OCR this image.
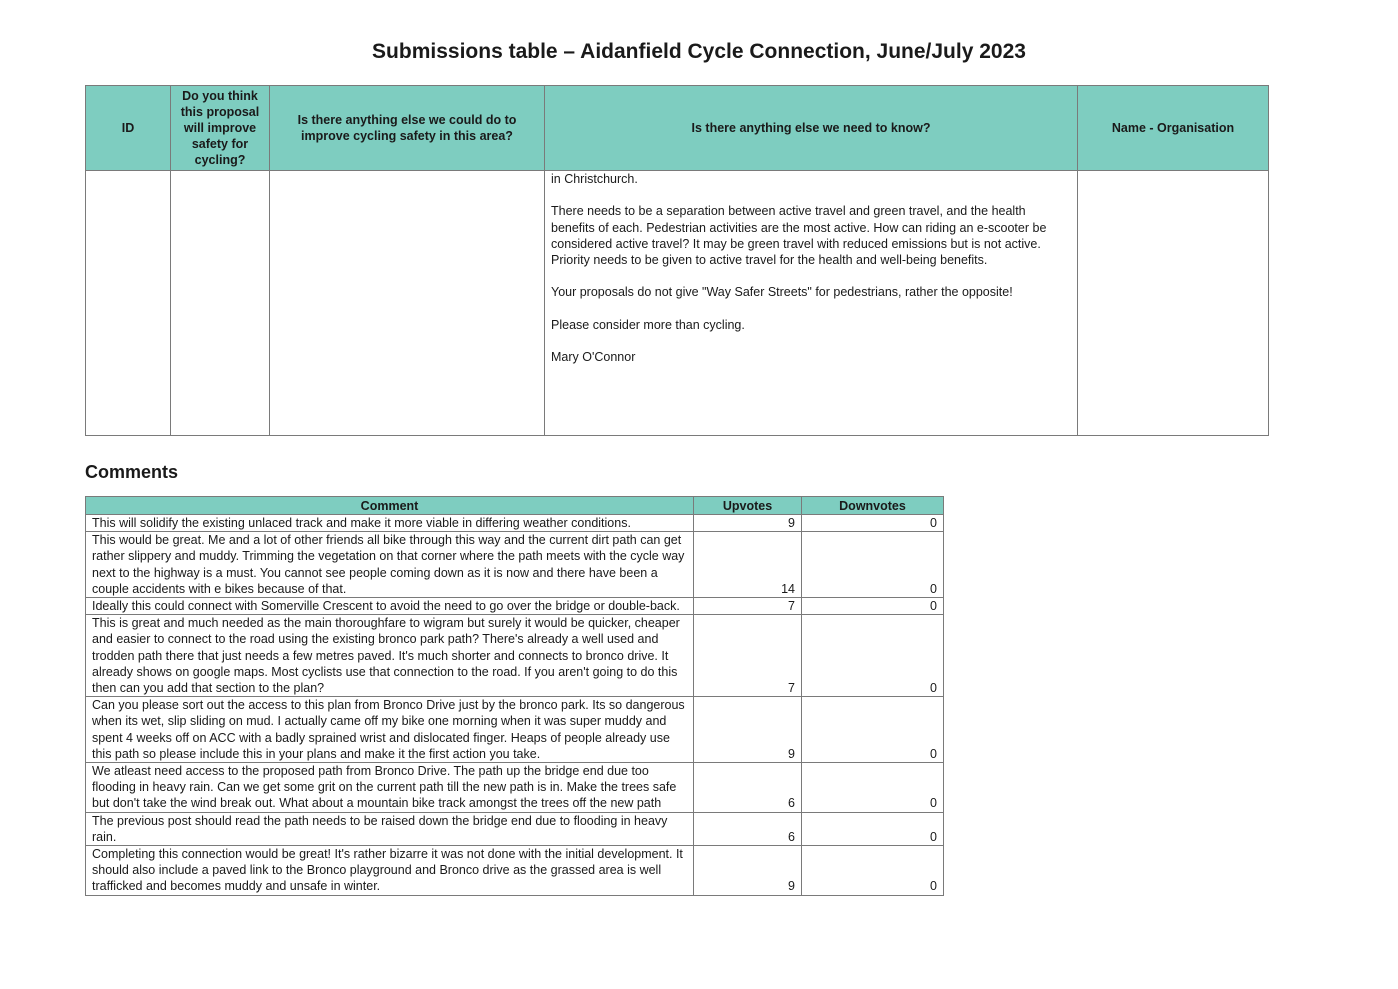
Submissions table – Aidanfield Cycle Connection, June/July 2023
ID	Do you think this proposal will improve safety for cycling?	Is there anything else we could do to improve cycling safety in this area?	Is there anything else we need to know?	Name - Organisation

			in Christchurch.

There needs to be a separation between active travel and green travel, and the health benefits of each. Pedestrian activities are the most active. How can riding an e-scooter be considered active travel? It may be green travel with reduced emissions but is not active. Priority needs to be given to active travel for the health and well-being benefits.

Your proposals do not give "Way Safer Streets" for pedestrians, rather the opposite!

Please consider more than cycling.

Mary O'Connor	

Comments
Comment	Upvotes	Downvotes
This will solidify the existing unlaced track and make it more viable in differing weather conditions.	9	0
This would be great. Me and a lot of other friends all bike through this way and the current dirt path can get rather slippery and muddy. Trimming the vegetation on that corner where the path meets with the cycle way next to the highway is a must. You cannot see people coming down as it is now and there have been a couple accidents with e bikes because of that.	14	0
Ideally this could connect with Somerville Crescent to avoid the need to go over the bridge or double-back.	7	0
This is great and much needed as the main thoroughfare to wigram but surely it would be quicker, cheaper and easier to connect to the road using the existing bronco park path? There's already a well used and trodden path there that just needs a few metres paved. It's much shorter and connects to bronco drive. It already shows on google maps. Most cyclists use that connection to the road. If you aren't going to do this then can you add that section to the plan?	7	0
Can you please sort out the access to this plan from Bronco Drive just by the bronco park. Its so dangerous when its wet, slip sliding on mud. I actually came off my bike one morning when it was super muddy and spent 4 weeks off on ACC with a badly sprained wrist and dislocated finger. Heaps of people already use this path so please include this in your plans and make it the first action you take.	9	0
We atleast need access to the proposed path from Bronco Drive. The path up the bridge end due too flooding in heavy rain. Can we get some grit on the current path till the new path is in. Make the trees safe but don't take the wind break out. What about a mountain bike track amongst the trees off the new path	6	0
The previous post should read the path needs to be raised down the bridge end due to flooding in heavy rain.	6	0
Completing this connection would be great! It's rather bizarre it was not done with the initial development. It should also include a paved link to the Bronco playground and Bronco drive as the grassed area is well trafficked and becomes muddy and unsafe in winter.	9	0
